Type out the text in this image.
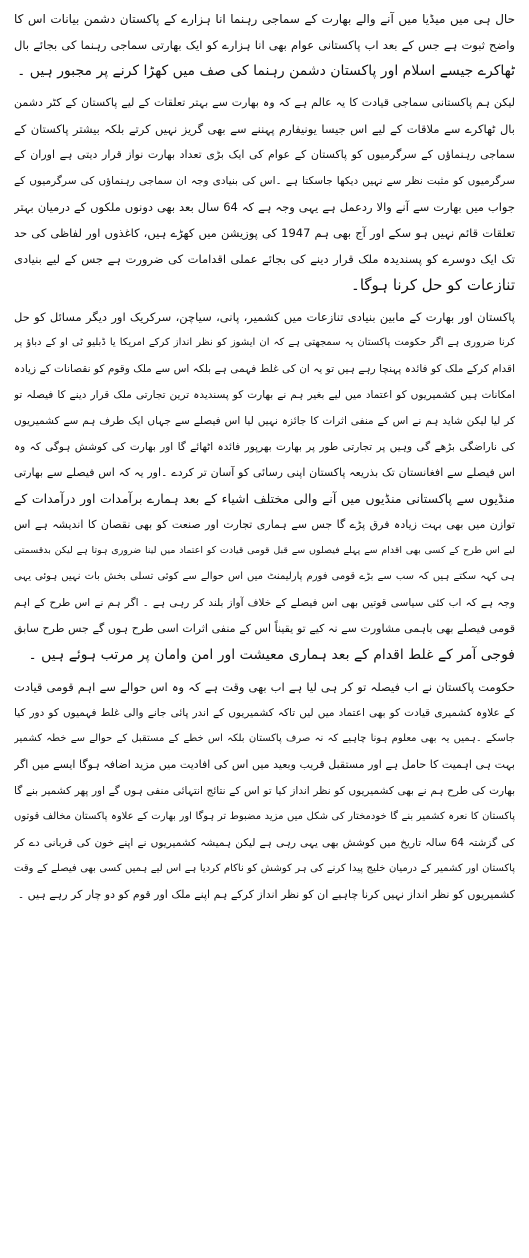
حال ہی میں میڈیا میں آنے والے بھارت کے سماجی رہنما انا ہزارے کے پاکستان دشمن بیانات اس کا
واضح ثبوت ہے جس کے بعد اب پاکستانی عوام بھی انا ہزارے کو ایک بھارتی سماجی رہنما کی بجائے بال
ٹھاکرے جیسے اسلام اور پاکستان دشمن رہنما کی صف میں کھڑا کرنے پر مجبور ہیں ۔

لیکن ہم پاکستانی سماجی قیادت کا یہ عالم ہے کہ وہ بھارت سے بہتر تعلقات کے لیے پاکستان کے کٹر دشمن
بال ٹھاکرے سے ملاقات کے لیے اس جیسا یونیفارم پہننے سے بھی گریز نہیں کرتے بلکہ بیشتر پاکستان کے
سماجی رہنماؤں کے سرگرمیوں کو پاکستان کے عوام کی ایک بڑی تعداد بھارت نواز قرار دیتی ہے اوران کے
سرگرمیوں کو مثبت نظر سے نہیں دیکھا جاسکتا ہے ۔اس کی بنیادی وجہ ان سماجی رہنماؤں کی سرگرمیوں کے
جواب میں بھارت سے آنے والا ردعمل ہے یہی وجہ ہے کہ 64 سال بعد بھی دونوں ملکوں کے درمیان بہتر
تعلقات قائم نہیں ہو سکے اور آج بھی ہم 1947 کی پوزیشن میں کھڑے ہیں، کاغذوں اور لفاظی کی حد
تک ایک دوسرے کو پسندیدہ ملک قرار دینے کی بجائے عملی اقدامات کی ضرورت ہے جس کے لیے بنیادی
تنازعات کو حل کرنا ہوگا۔

پاکستان اور بھارت کے مابین بنیادی تنازعات میں کشمیر، پانی، سیاچن، سرکریک اور دیگر مسائل کو حل
کرنا ضروری ہے اگر حکومت پاکستان یہ سمجھتی ہے کہ ان ایشوز کو نظر انداز کرکے امریکا یا ڈبلیو ٹی او کے دباؤ پر
اقدام کرکے ملک کو فائدہ پہنچا رہے ہیں تو یہ ان کی غلط فہمی ہے بلکہ اس سے ملک وقوم کو نقصانات کے زیادہ
امکانات ہیں کشمیریوں کو اعتماد میں لیے بغیر ہم نے بھارت کو پسندیدہ ترین تجارتی ملک قرار دینے کا فیصلہ تو
کر لیا لیکن شاید ہم نے اس کے منفی اثرات کا جائزہ نہیں لیا اس فیصلے سے جہاں ایک طرف ہم سے کشمیریوں
کی ناراضگی بڑھے گی وہیں پر تجارتی طور پر بھارت بھرپور فائدہ اٹھائے گا اور بھارت کی کوشش ہوگی کہ وہ
اس فیصلے سے افغانستان تک بذریعہ پاکستان اپنی رسائی کو آسان تر کردے ۔اور یہ کہ اس فیصلے سے بھارتی
منڈیوں سے پاکستانی منڈیوں میں آنے والی مختلف اشیاء کے بعد ہمارے برآمدات اور درآمدات کے
توازن میں بھی بہت زیادہ فرق پڑے گا جس سے ہماری تجارت اور صنعت کو بھی نقصان کا اندیشہ ہے اس
لیے اس طرح کے کسی بھی اقدام سے پہلے فیصلوں سے قبل قومی قیادت کو اعتماد میں لینا ضروری ہوتا ہے لیکن بدقسمتی
ہی کہہ سکتے ہیں کہ سب سے بڑے قومی فورم پارلیمنٹ میں اس حوالے سے کوئی تسلی بخش بات نہیں ہوئی یہی
وجہ ہے کہ اب کئی سیاسی قوتیں بھی اس فیصلے کے خلاف آواز بلند کر رہی ہے ۔ اگر ہم نے اس طرح کے اہم
قومی فیصلے بھی باہمی مشاورت سے نہ کیے تو یقیناً اس کے منفی اثرات اسی طرح ہوں گے جس طرح سابق
فوجی آمر کے غلط اقدام کے بعد ہماری معیشت اور امن وامان پر مرتب ہوئے ہیں ۔

حکومت پاکستان نے اب فیصلہ تو کر ہی لیا ہے اب بھی وقت ہے کہ وہ اس حوالے سے اہم قومی قیادت
کے علاوہ کشمیری قیادت کو بھی اعتماد میں لیں تاکہ کشمیریوں کے اندر پائی جانے والی غلط فہمیوں کو دور کیا
جاسکے ۔ہمیں یہ بھی معلوم ہونا چاہیے کہ نہ صرف پاکستان بلکہ اس خطے کے مستقبل کے حوالے سے خطہ کشمیر
بہت ہی اہمیت کا حامل ہے اور مستقبل قریب وبعید میں اس کی افادیت میں مزید اضافہ ہوگا ایسے میں اگر
بھارت کی طرح ہم نے بھی کشمیریوں کو نظر انداز کیا تو اس کے نتائج انتہائی منفی ہوں گے اور پھر کشمیر بنے گا
پاکستان کا نعرہ کشمیر بنے گا خودمختار کی شکل میں مزید مضبوط تر ہوگا اور بھارت کے علاوہ پاکستان مخالف قوتوں
کی گزشتہ 64 سالہ تاریخ میں کوشش بھی یہی رہی ہے لیکن ہمیشہ کشمیریوں نے اپنے خون کی قربانی دے کر
پاکستان اور کشمیر کے درمیان خلیج پیدا کرنے کی ہر کوشش کو ناکام کردیا ہے اس لیے ہمیں کسی بھی فیصلے کے وقت
کشمیریوں کو نظر انداز نہیں کرنا چاہیے ان کو نظر انداز کرکے ہم اپنے ملک اور قوم کو دو چار کر رہے ہیں ۔
